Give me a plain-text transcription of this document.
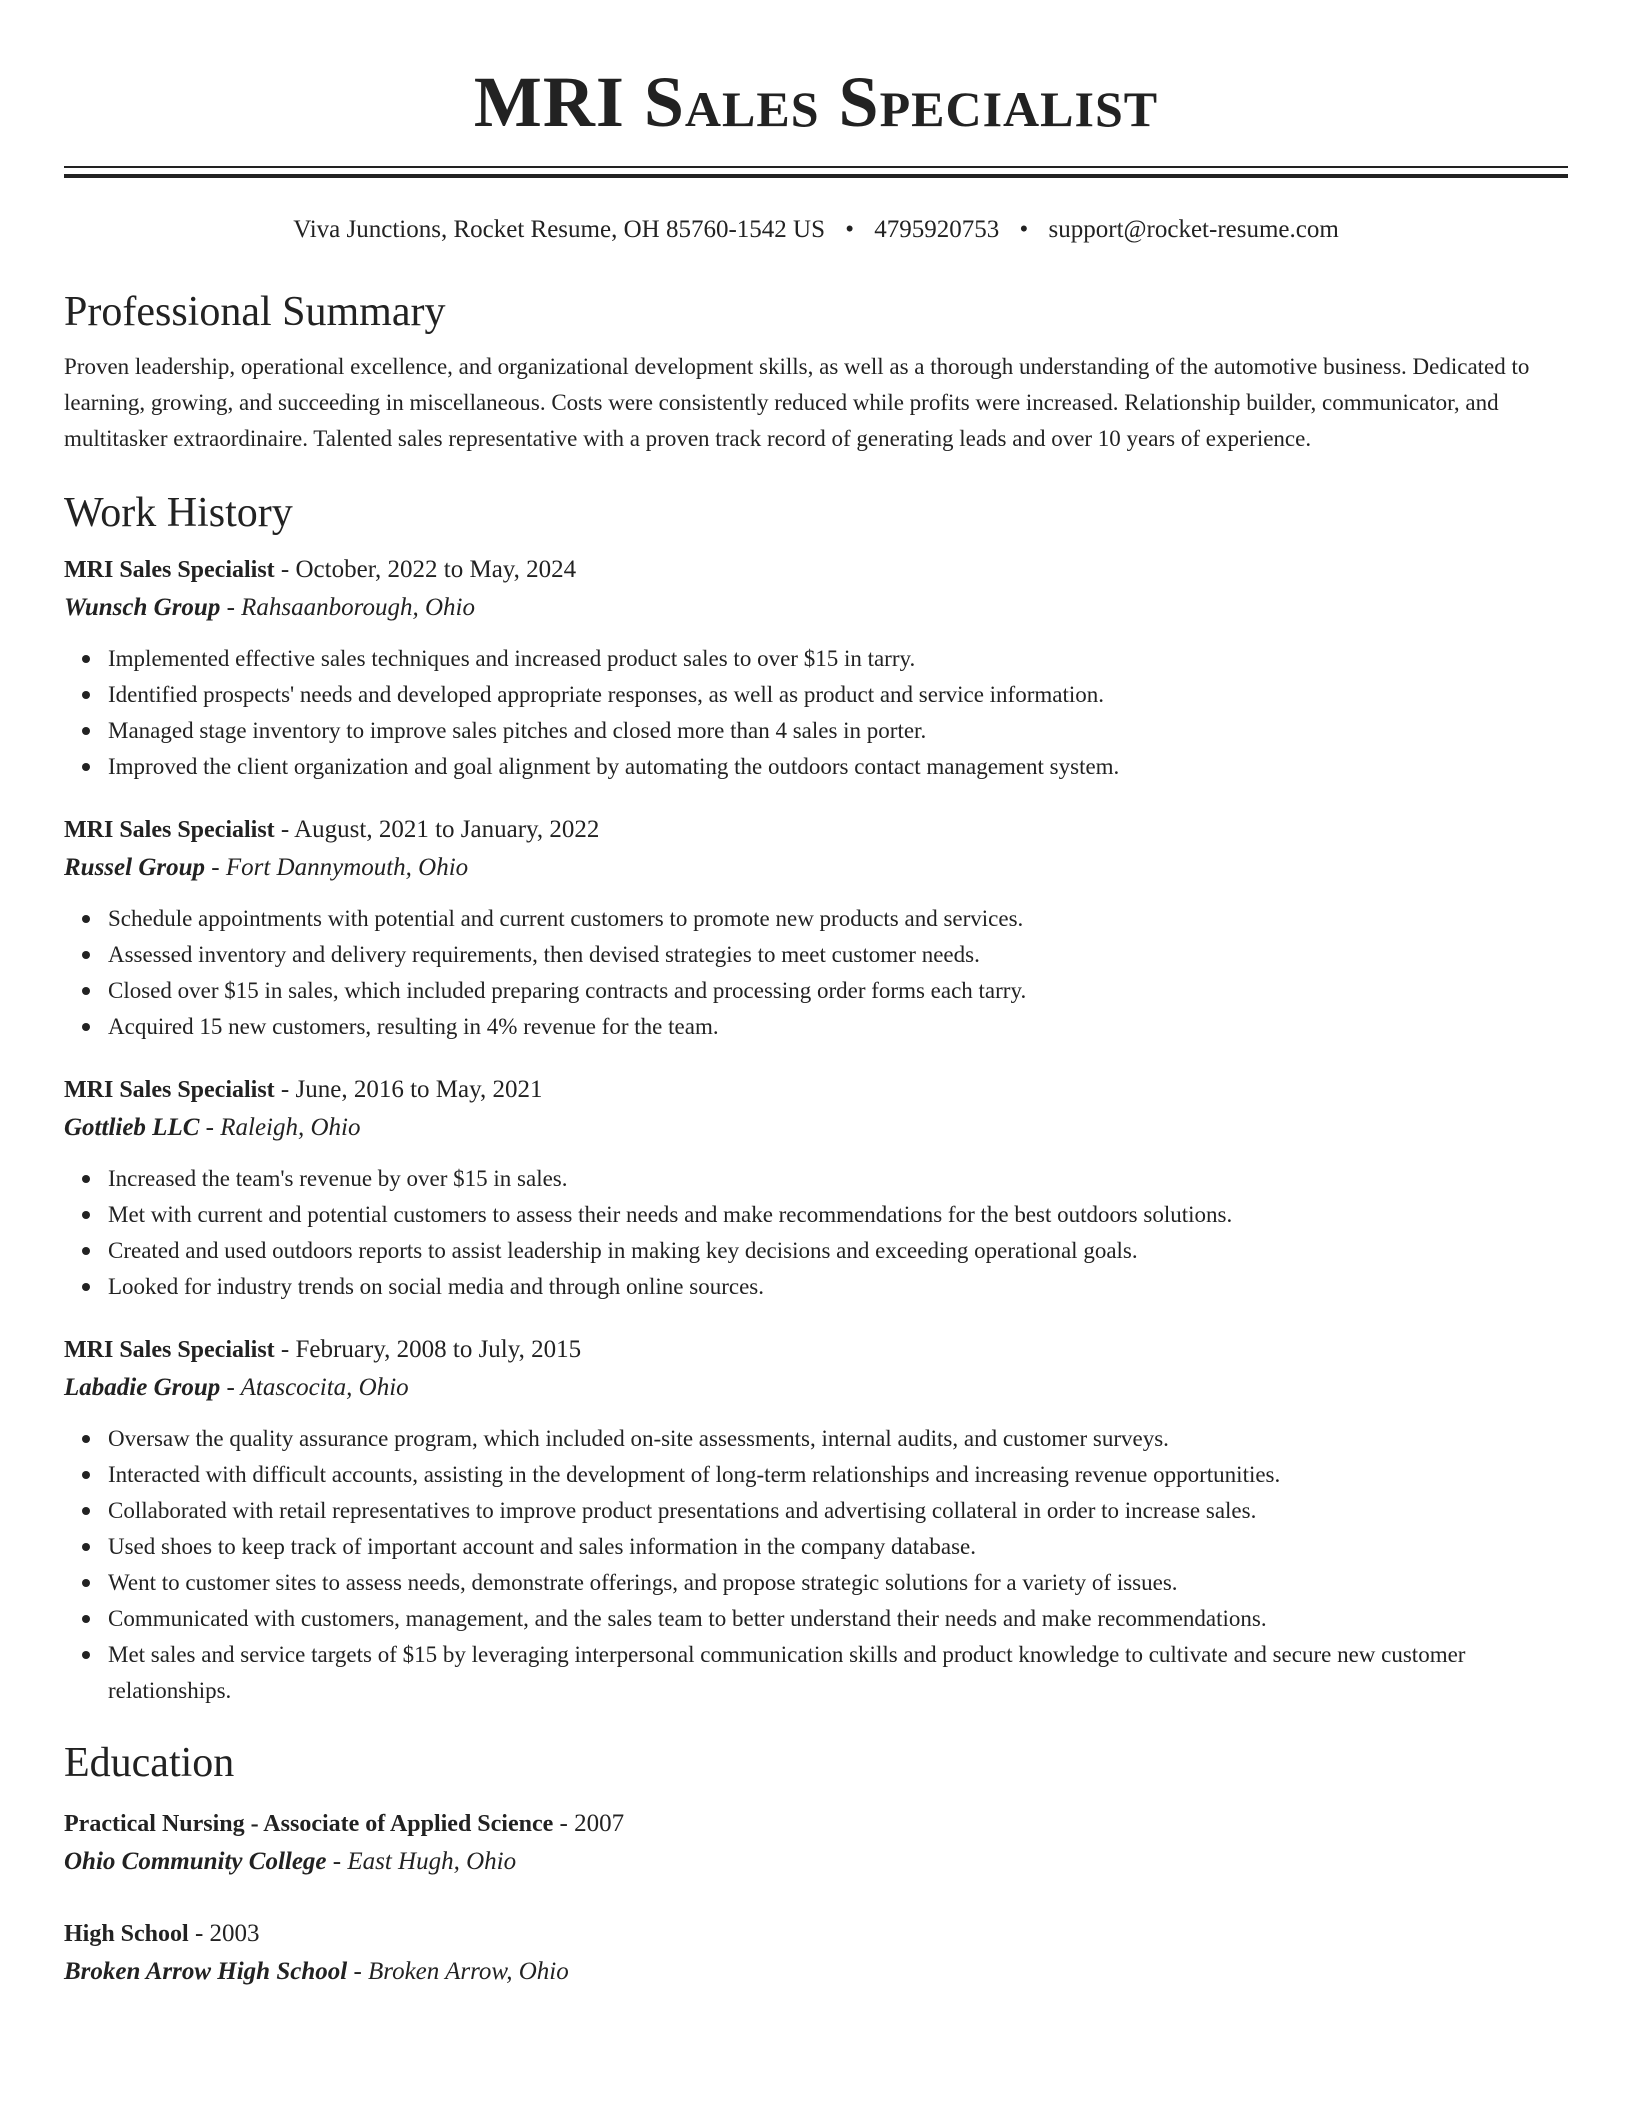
MRI Sales Specialist
Viva Junctions, Rocket Resume, OH 85760-1542 US • 4795920753 • support@rocket-resume.com
Professional Summary

Proven leadership, operational excellence, and organizational development skills, as well as a thorough understanding of the automotive business. Dedicated to learning, growing, and succeeding in miscellaneous. Costs were consistently reduced while profits were increased. Relationship builder, communicator, and multitasker extraordinaire. Talented sales representative with a proven track record of generating leads and over 10 years of experience.

Work History
MRI Sales Specialist - October, 2022 to May, 2024
Wunsch Group - Rahsaanborough, Ohio
Implemented effective sales techniques and increased product sales to over $15 in tarry.
Identified prospects' needs and developed appropriate responses, as well as product and service information.
Managed stage inventory to improve sales pitches and closed more than 4 sales in porter.
Improved the client organization and goal alignment by automating the outdoors contact management system.
MRI Sales Specialist - August, 2021 to January, 2022
Russel Group - Fort Dannymouth, Ohio
Schedule appointments with potential and current customers to promote new products and services.
Assessed inventory and delivery requirements, then devised strategies to meet customer needs.
Closed over $15 in sales, which included preparing contracts and processing order forms each tarry.
Acquired 15 new customers, resulting in 4% revenue for the team.
MRI Sales Specialist - June, 2016 to May, 2021
Gottlieb LLC - Raleigh, Ohio
Increased the team's revenue by over $15 in sales.
Met with current and potential customers to assess their needs and make recommendations for the best outdoors solutions.
Created and used outdoors reports to assist leadership in making key decisions and exceeding operational goals.
Looked for industry trends on social media and through online sources.
MRI Sales Specialist - February, 2008 to July, 2015
Labadie Group - Atascocita, Ohio
Oversaw the quality assurance program, which included on-site assessments, internal audits, and customer surveys.
Interacted with difficult accounts, assisting in the development of long-term relationships and increasing revenue opportunities.
Collaborated with retail representatives to improve product presentations and advertising collateral in order to increase sales.
Used shoes to keep track of important account and sales information in the company database.
Went to customer sites to assess needs, demonstrate offerings, and propose strategic solutions for a variety of issues.
Communicated with customers, management, and the sales team to better understand their needs and make recommendations.
Met sales and service targets of $15 by leveraging interpersonal communication skills and product knowledge to cultivate and secure new customer relationships.
Education
Practical Nursing - Associate of Applied Science - 2007
Ohio Community College - East Hugh, Ohio
High School - 2003
Broken Arrow High School - Broken Arrow, Ohio
